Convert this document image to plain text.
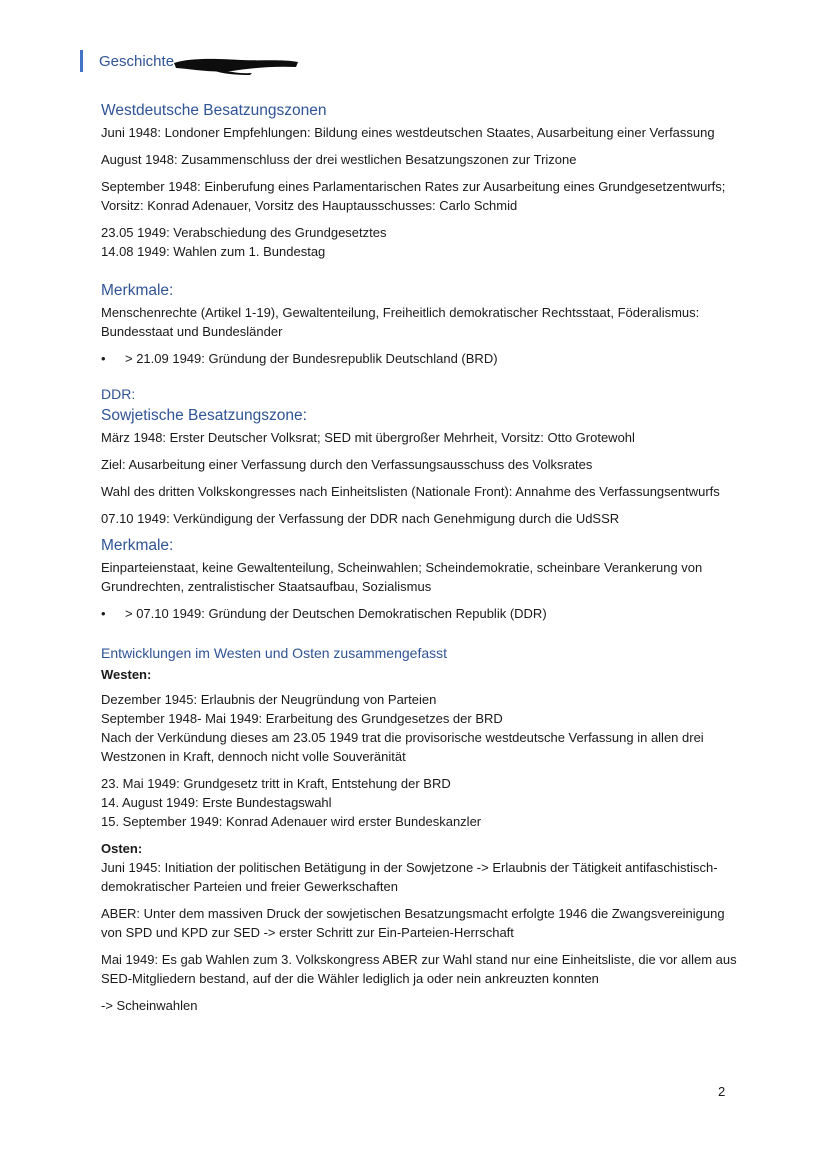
Geschichte
Westdeutsche Besatzungszonen
Juni 1948: Londoner Empfehlungen: Bildung eines westdeutschen Staates, Ausarbeitung einer Verfassung
August 1948: Zusammenschluss der drei westlichen Besatzungszonen zur Trizone
September 1948: Einberufung eines Parlamentarischen Rates zur Ausarbeitung eines Grundgesetzentwurfs; Vorsitz: Konrad Adenauer, Vorsitz des Hauptausschusses: Carlo Schmid
23.05 1949: Verabschiedung des Grundgesetztes
14.08 1949: Wahlen zum 1. Bundestag
Merkmale:
Menschenrechte (Artikel 1-19), Gewaltenteilung, Freiheitlich demokratischer Rechtsstaat, Föderalismus: Bundesstaat und Bundesländer
•	> 21.09 1949: Gründung der Bundesrepublik Deutschland (BRD)
DDR:
Sowjetische Besatzungszone:
März 1948: Erster Deutscher Volksrat; SED mit übergroßer Mehrheit, Vorsitz: Otto Grotewohl
Ziel: Ausarbeitung einer Verfassung durch den Verfassungsausschuss des Volksrates
Wahl des dritten Volkskongresses nach Einheitslisten (Nationale Front): Annahme des Verfassungsentwurfs
07.10 1949: Verkündigung der Verfassung der DDR nach Genehmigung durch die UdSSR
Merkmale:
Einparteienstaat, keine Gewaltenteilung, Scheinwahlen; Scheindemokratie, scheinbare Verankerung von Grundrechten, zentralistischer Staatsaufbau, Sozialismus
•	> 07.10 1949: Gründung der Deutschen Demokratischen Republik (DDR)
Entwicklungen im Westen und Osten zusammengefasst
Westen:
Dezember 1945: Erlaubnis der Neugründung von Parteien
September 1948- Mai 1949: Erarbeitung des Grundgesetzes der BRD
Nach der Verkündung dieses am 23.05 1949 trat die provisorische westdeutsche Verfassung in allen drei Westzonen in Kraft, dennoch nicht volle Souveränität
23. Mai 1949: Grundgesetz tritt in Kraft, Entstehung der BRD
14. August 1949: Erste Bundestagswahl
15. September 1949: Konrad Adenauer wird erster Bundeskanzler
Osten:
Juni 1945: Initiation der politischen Betätigung in der Sowjetzone -> Erlaubnis der Tätigkeit antifaschistisch-demokratischer Parteien und freier Gewerkschaften
ABER: Unter dem massiven Druck der sowjetischen Besatzungsmacht erfolgte 1946 die Zwangsvereinigung von SPD und KPD zur SED -> erster Schritt zur Ein-Parteien-Herrschaft
Mai 1949: Es gab Wahlen zum 3. Volkskongress ABER zur Wahl stand nur eine Einheitsliste, die vor allem aus SED-Mitgliedern bestand, auf der die Wähler lediglich ja oder nein ankreuzten konnten
-> Scheinwahlen
2
